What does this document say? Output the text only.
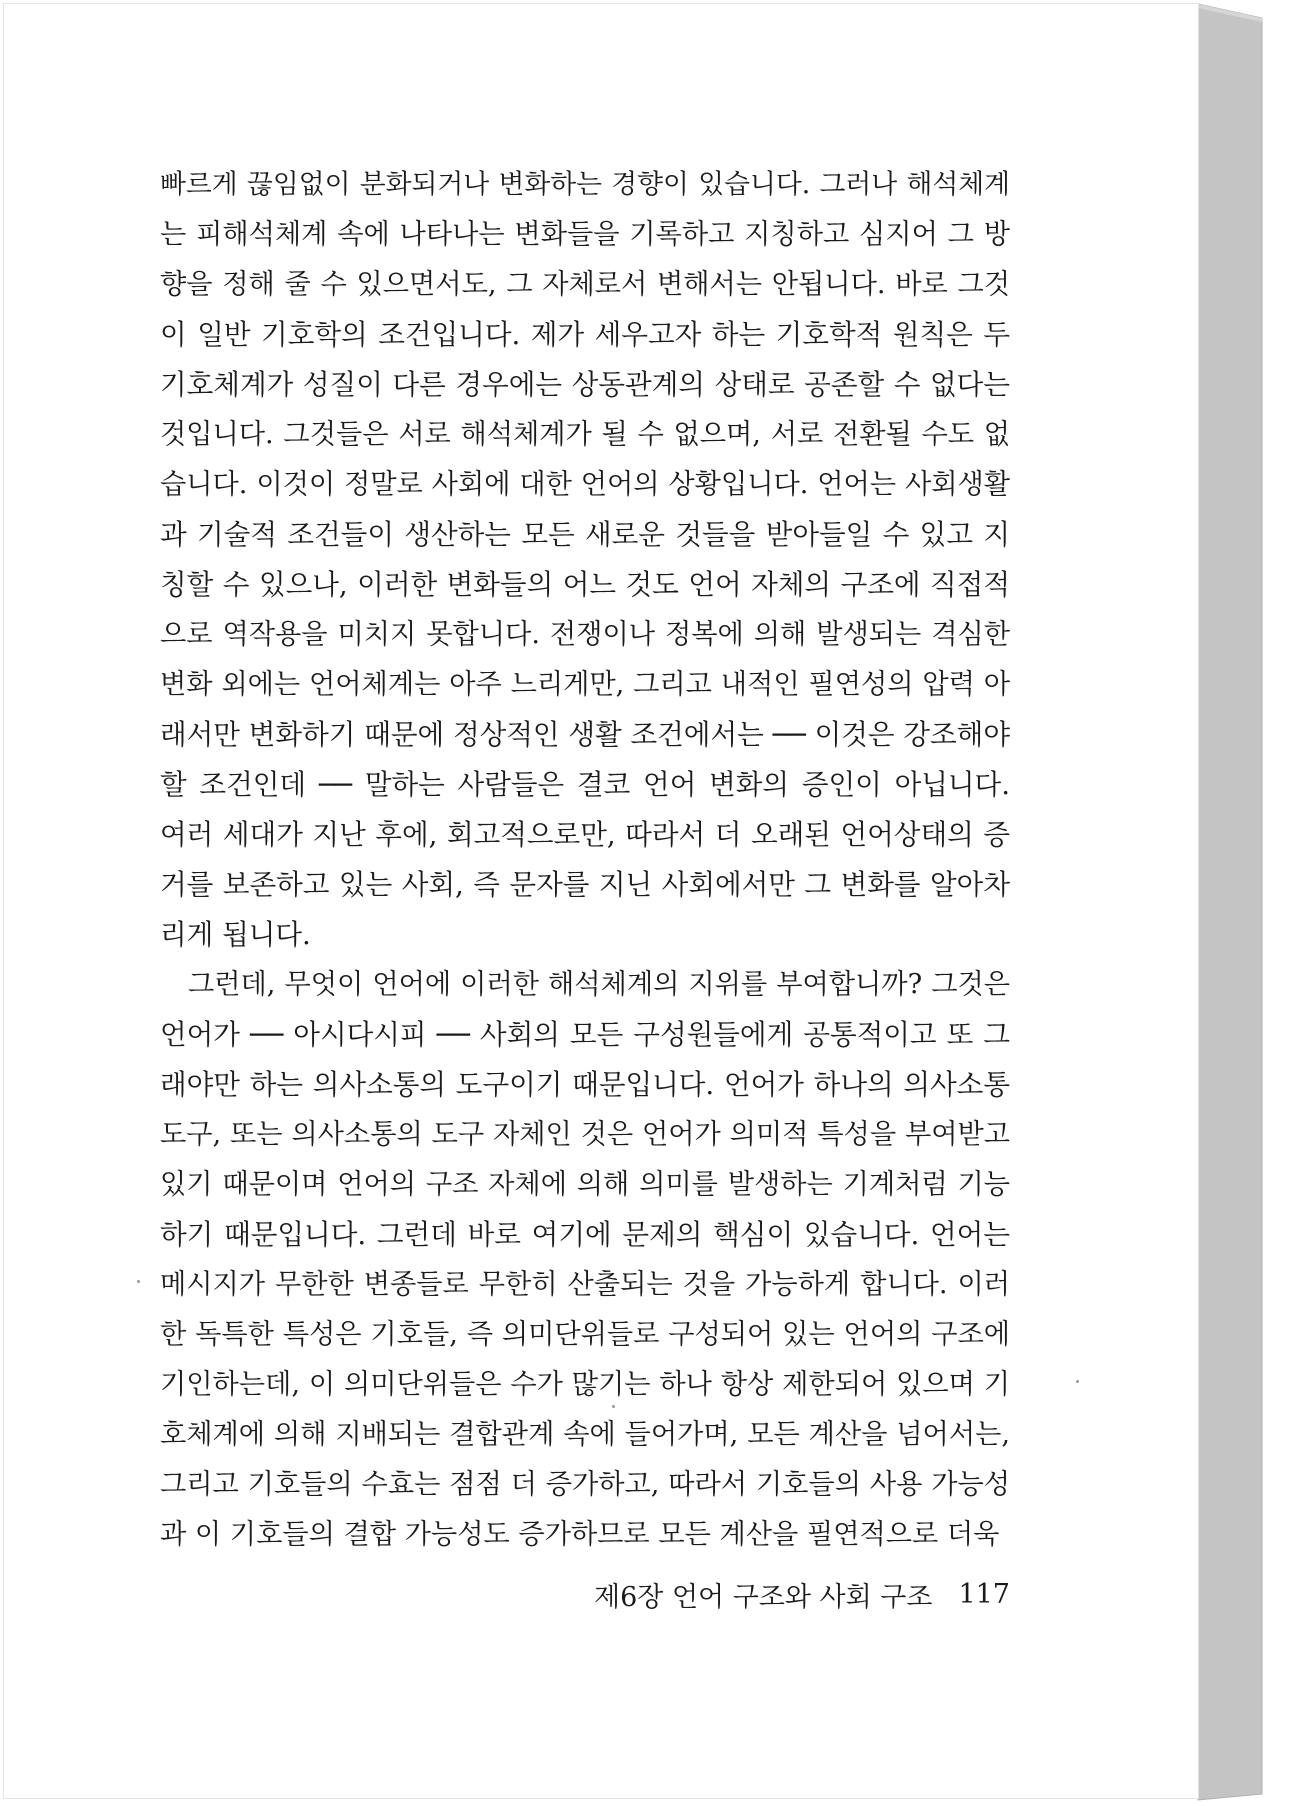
빠르게 끊임없이 분화되거나 변화하는 경향이 있습니다. 그러나 해석체계
는 피해석체계 속에 나타나는 변화들을 기록하고 지칭하고 심지어 그 방
향을 정해 줄 수 있으면서도, 그 자체로서 변해서는 안됩니다. 바로 그것
이 일반 기호학의 조건입니다. 제가 세우고자 하는 기호학적 원칙은 두
기호체계가 성질이 다른 경우에는 상동관계의 상태로 공존할 수 없다는
것입니다. 그것들은 서로 해석체계가 될 수 없으며, 서로 전환될 수도 없
습니다. 이것이 정말로 사회에 대한 언어의 상황입니다. 언어는 사회생활
과 기술적 조건들이 생산하는 모든 새로운 것들을 받아들일 수 있고 지
칭할 수 있으나, 이러한 변화들의 어느 것도 언어 자체의 구조에 직접적
으로 역작용을 미치지 못합니다. 전쟁이나 정복에 의해 발생되는 격심한
변화 외에는 언어체계는 아주 느리게만, 그리고 내적인 필연성의 압력 아
래서만 변화하기 때문에 정상적인 생활 조건에서는 ── 이것은 강조해야
할 조건인데 ── 말하는 사람들은 결코 언어 변화의 증인이 아닙니다.
여러 세대가 지난 후에, 회고적으로만, 따라서 더 오래된 언어상태의 증
거를 보존하고 있는 사회, 즉 문자를 지닌 사회에서만 그 변화를 알아차
리게 됩니다.
그런데, 무엇이 언어에 이러한 해석체계의 지위를 부여합니까? 그것은
언어가 ── 아시다시피 ── 사회의 모든 구성원들에게 공통적이고 또 그
래야만 하는 의사소통의 도구이기 때문입니다. 언어가 하나의 의사소통
도구, 또는 의사소통의 도구 자체인 것은 언어가 의미적 특성을 부여받고
있기 때문이며 언어의 구조 자체에 의해 의미를 발생하는 기계처럼 기능
하기 때문입니다. 그런데 바로 여기에 문제의 핵심이 있습니다. 언어는
메시지가 무한한 변종들로 무한히 산출되는 것을 가능하게 합니다. 이러
한 독특한 특성은 기호들, 즉 의미단위들로 구성되어 있는 언어의 구조에
기인하는데, 이 의미단위들은 수가 많기는 하나 항상 제한되어 있으며 기
호체계에 의해 지배되는 결합관계 속에 들어가며, 모든 계산을 넘어서는,
그리고 기호들의 수효는 점점 더 증가하고, 따라서 기호들의 사용 가능성
과 이 기호들의 결합 가능성도 증가하므로 모든 계산을 필연적으로 더욱
제6장 언어 구조와 사회 구조 117
